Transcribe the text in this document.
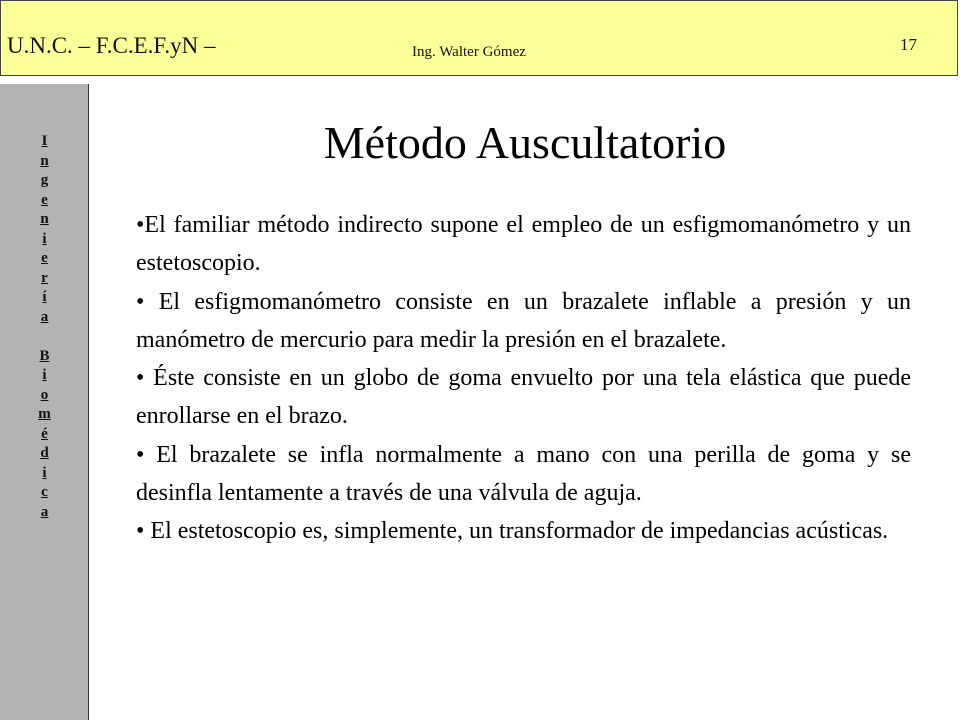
U.N.C. – F.C.E.F.yN –	Ing. Walter Gómez	17
I
n
g
e
n
i
e
r
í
a
B
i
o
m
é
d
i
c
a
Método Auscultatorio

•El familiar método indirecto supone el empleo de un esfigmomanómetro y un estetoscopio.

• El esfigmomanómetro consiste en un brazalete inflable a presión y un manómetro de mercurio para medir la presión en el brazalete.

• Éste consiste en un globo de goma envuelto por una tela elástica que puede enrollarse en el brazo.

• El brazalete se infla normalmente a mano con una perilla de goma y se desinfla lentamente a través de una válvula de aguja.

• El estetoscopio es, simplemente, un transformador de impedancias acústicas.
